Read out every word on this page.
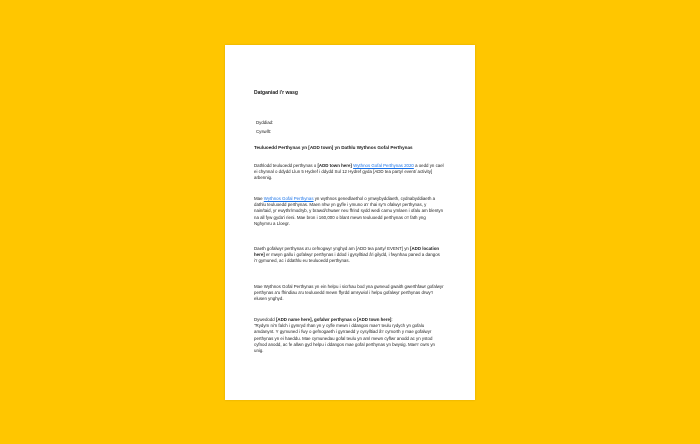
Datganiad i'r wasg
Dyddiad:
Cyswllt:
Teuluoedd Perthynas yn [ADD town] yn Dathlu Wythnos Gofal Perthynas

Dathlodd teuluoedd perthynas o [ADD town here] Wythnos Gofal Perthynas 2020 a oedd yn cael ei chynnal o ddydd Llun 5 Hydref i ddydd Sul 12 Hydref gyda [ADD tea party/ event/ activity] arbennig.

Mae Wythnos Gofal Perthynas yn wythnos genedlaethol o ymwybyddiaeth, cydnabyddiaeth a dathlu teuluoedd perthynas. Maen nhw yn gyfle i ymuno a'r rhai sy'n ofalwyr perthynas, y nain/taid, yr ewythr/modryb, y brawd/chwaer neu ffrind sydd wedi camu ymlaen i ofalu am blentyn na all fyw gyda'i rieni. Mae bron i 160,000 o blant mewn teuluoedd perthynas o'r fath yng Nghymru a Lloegr.

Daeth gofalwyr perthynas a'u cefnogwyr ynghyd am [ADD tea party/ EVENT] yn [ADD location here] er mwyn gallu i gofalwyr perthynas i ddod i gysylltiad â'i gilydd, i fwynhau paned a dangos i'r gymuned, ac i ddathlu eu teuluoedd perthynas.

Mae Wythnos Gofal Perthynas yn ein helpu i sicrhau bod yna gwneud gwaith gwerthfawr gofalwyr perthynas a'u ffrindiau a'u teuluoedd mewn ffyrdd amrywiol i helpu gofalwyr perthynas drwy'r elusen ynghyd.

Dywedodd [ADD name here], gofalwr perthynas o [ADD town here]:
"Rydym ni'n falch i gymryd rhan yn y cyfle mewn i ddangos mae'r teulu rydych yn gofalu amdanynt. Y gymuned i fwy o gefnogaeth i gyrraedd y cysylltiad â'r cymorth y mae gofalwyr perthynas yn ei haeddu. Mae cymunedau gofal teulu yn aml mewn cyflwr anodd ac yn ystod cyfnod anodd, ac fe allwn gyd helpu i ddangos mae gofal perthynas yn bwysig. Mae'r cwrs yn unig.
